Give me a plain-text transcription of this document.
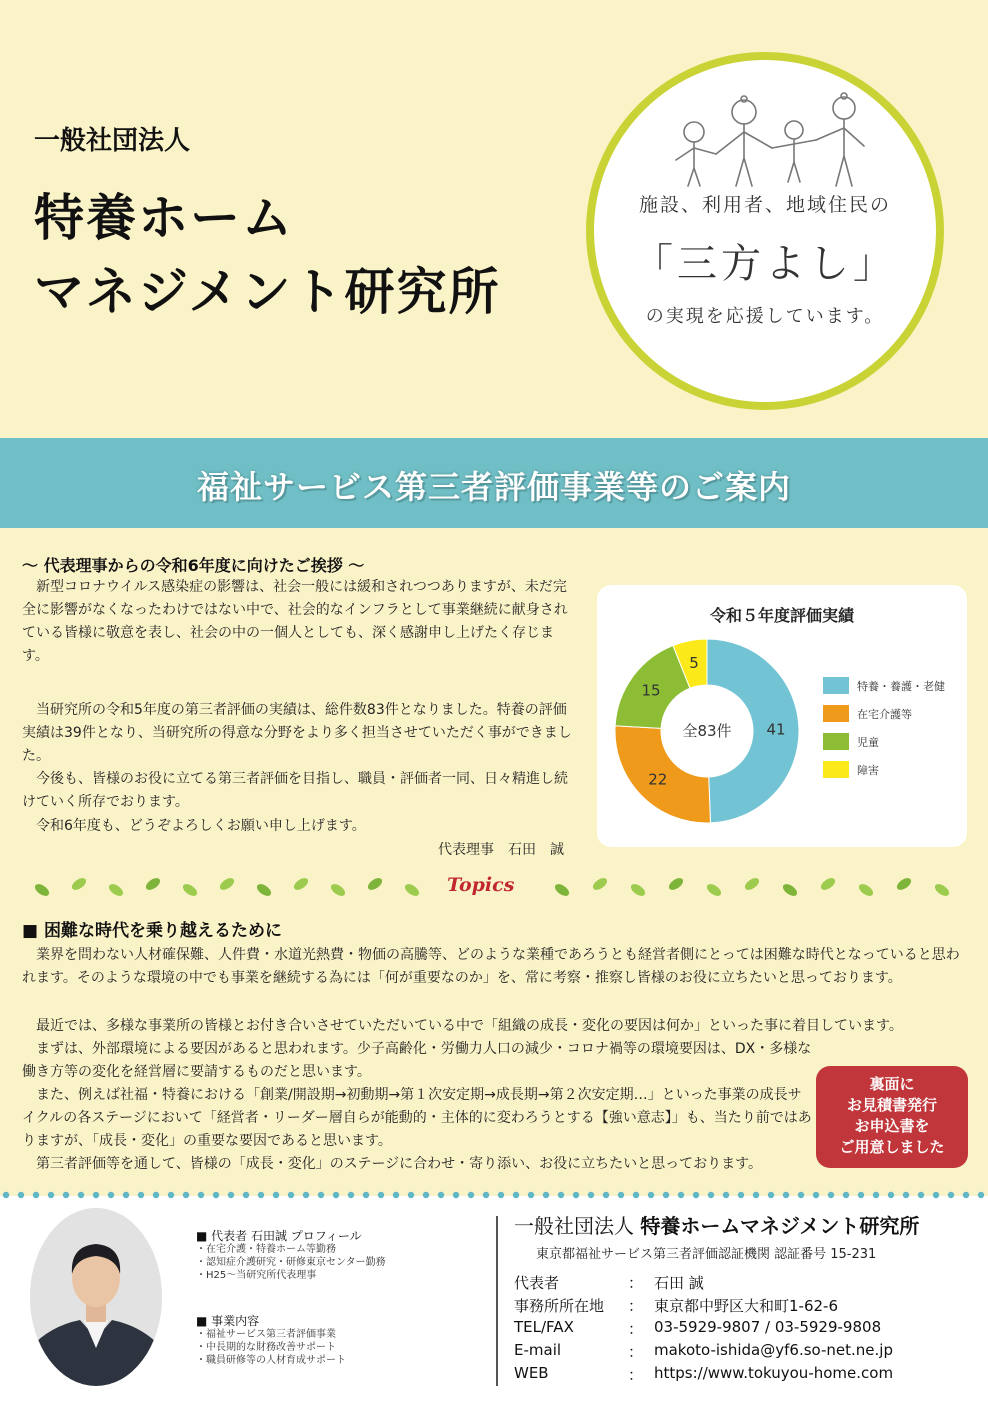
一般社団法人
特養ホーム
マネジメント研究所
施設、利用者、地域住民の
「三方よし」
の実現を応援しています。
福祉サービス第三者評価事業等のご案内
～ 代表理事からの令和6年度に向けたご挨拶 ～
新型コロナウイルス感染症の影響は、社会一般には緩和されつつありますが、未だ完全に影響がなくなったわけではない中で、社会的なインフラとして事業継続に献身されている皆様に敬意を表し、社会の中の一個人としても、深く感謝申し上げたく存じます。
当研究所の令和5年度の第三者評価の実績は、総件数83件となりました。特養の評価実績は39件となり、当研究所の得意な分野をより多く担当させていただく事ができました。
今後も、皆様のお役に立てる第三者評価を目指し、職員・評価者一同、日々精進し続けていく所存でおります。
令和6年度も、どうぞよろしくお願い申し上げます。
代表理事　石田　誠
令和５年度評価実績
41
22
15
5
全83件
特養・養護・老健
在宅介護等
児童
障害
Topics
■ 困難な時代を乗り越えるために
業界を問わない人材確保難、人件費・水道光熱費・物価の高騰等、どのような業種であろうとも経営者側にとっては困難な時代となっていると思われます。そのような環境の中でも事業を継続する為には「何が重要なのか」を、常に考察・推察し皆様のお役に立ちたいと思っております。
最近では、多様な事業所の皆様とお付き合いさせていただいている中で「組織の成長・変化の要因は何か」といった事に着目しています。
まずは、外部環境による要因があると思われます。少子高齢化・労働力人口の減少・コロナ禍等の環境要因は、DX・多様な働き方等の変化を経営層に要請するものだと思います。
また、例えば社福・特養における「創業/開設期→初動期→第１次安定期→成長期→第２次安定期…」といった事業の成長サイクルの各ステージにおいて「経営者・リーダー層自らが能動的・主体的に変わろうとする【強い意志】」も、当たり前ではありますが、「成長・変化」の重要な要因であると思います。
第三者評価等を通して、皆様の「成長・変化」のステージに合わせ・寄り添い、お役に立ちたいと思っております。
裏面に
お見積書発行
お申込書を
ご用意しました
■ 代表者 石田誠 プロフィール
・在宅介護・特養ホーム等勤務
・認知症介護研究・研修東京センター勤務
・H25～当研究所代表理事
■ 事業内容
・福祉サービス第三者評価事業
・中長期的な財務改善サポート
・職員研修等の人材育成サポート
一般社団法人 特養ホームマネジメント研究所
東京都福祉サービス第三者評価認証機関 認証番号 15-231
代表者	： 石田 誠
事務所所在地 ： 東京都中野区大和町1-62-6
TEL/FAX	： 03-5929-9807 / 03-5929-9808
E-mail	： makoto-ishida@yf6.so-net.ne.jp
WEB	： https://www.tokuyou-home.com
